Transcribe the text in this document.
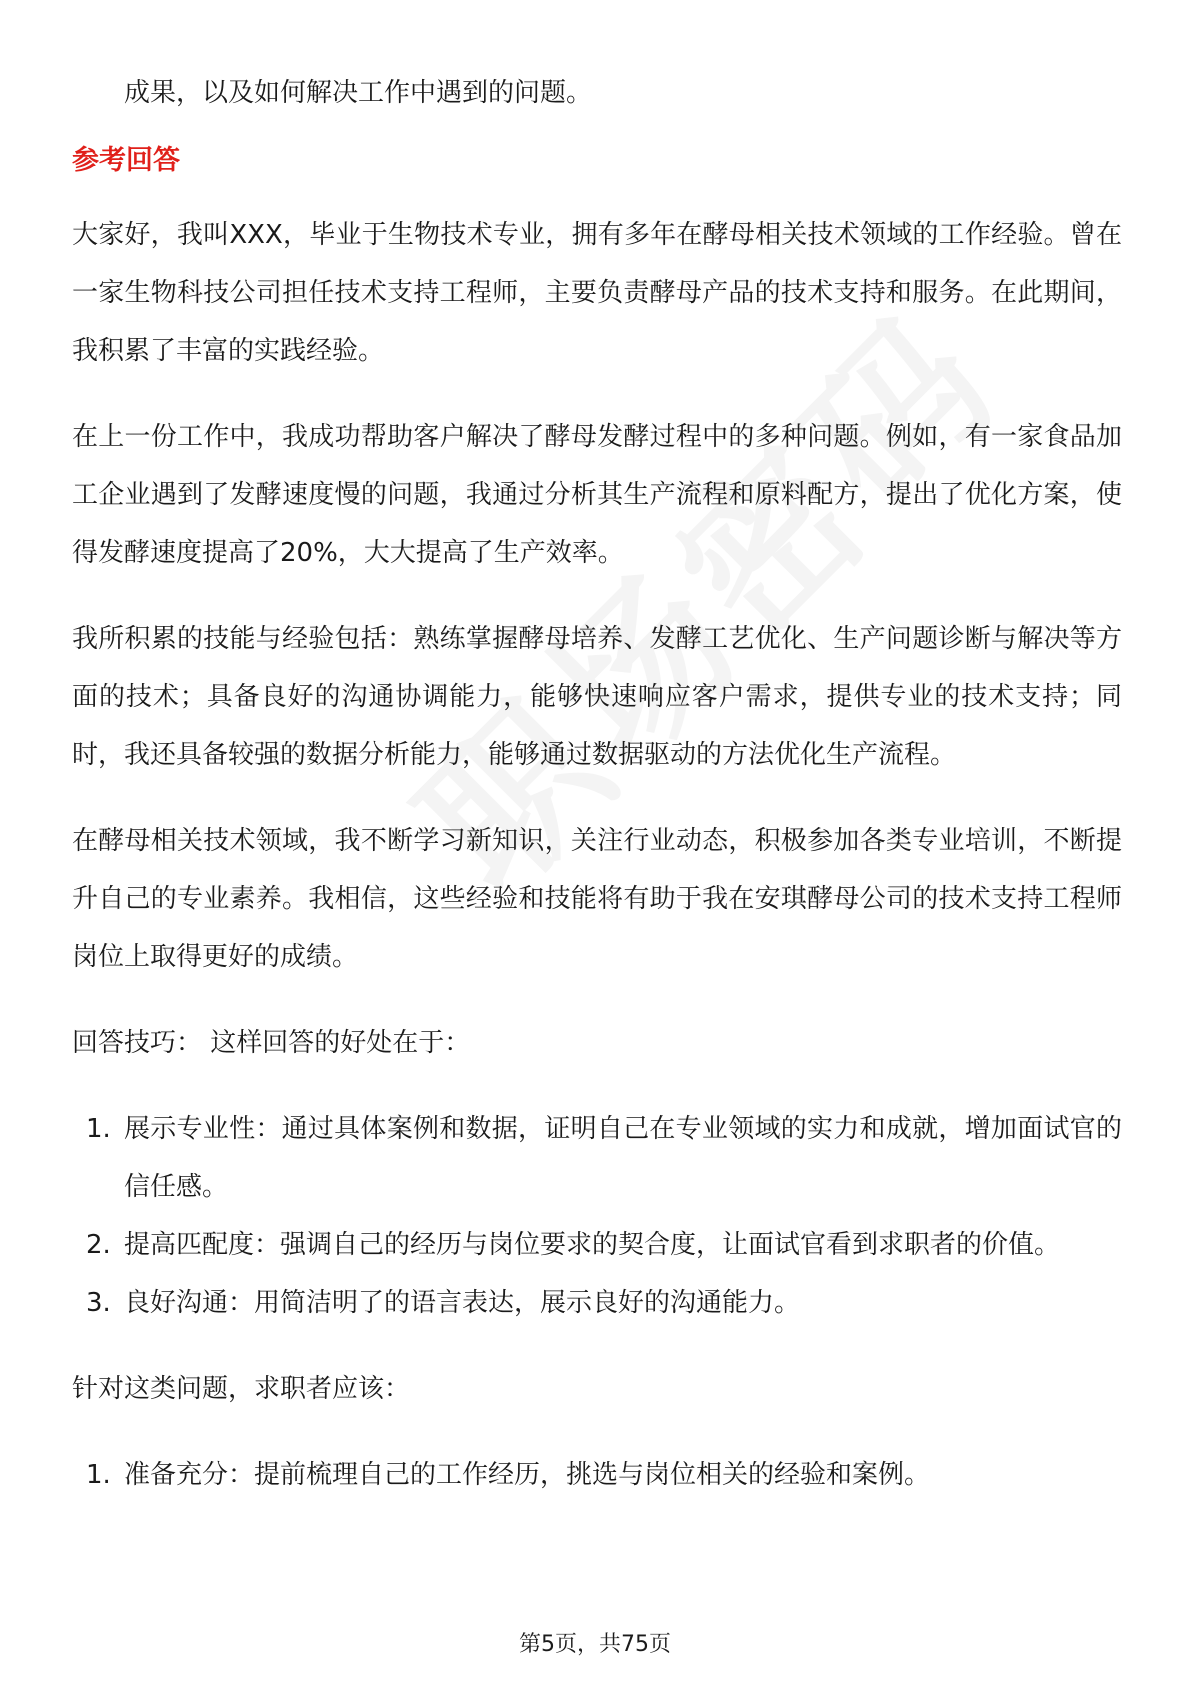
成果，以及如何解决工作中遇到的问题。

参考回答

大家好，我叫XXX，毕业于生物技术专业，拥有多年在酵母相关技术领域的工作经验。曾在一家生物科技公司担任技术支持工程师，主要负责酵母产品的技术支持和服务。在此期间，我积累了丰富的实践经验。

在上一份工作中，我成功帮助客户解决了酵母发酵过程中的多种问题。例如，有一家食品加工企业遇到了发酵速度慢的问题，我通过分析其生产流程和原料配方，提出了优化方案，使得发酵速度提高了20%，大大提高了生产效率。

我所积累的技能与经验包括：熟练掌握酵母培养、发酵工艺优化、生产问题诊断与解决等方面的技术；具备良好的沟通协调能力，能够快速响应客户需求，提供专业的技术支持；同时，我还具备较强的数据分析能力，能够通过数据驱动的方法优化生产流程。

在酵母相关技术领域，我不断学习新知识，关注行业动态，积极参加各类专业培训，不断提升自己的专业素养。我相信，这些经验和技能将有助于我在安琪酵母公司的技术支持工程师岗位上取得更好的成绩。

回答技巧： 这样回答的好处在于：

1. 展示专业性：通过具体案例和数据，证明自己在专业领域的实力和成就，增加面试官的信任感。
2. 提高匹配度：强调自己的经历与岗位要求的契合度，让面试官看到求职者的价值。
3. 良好沟通：用简洁明了的语言表达，展示良好的沟通能力。

针对这类问题，求职者应该：

1. 准备充分：提前梳理自己的工作经历，挑选与岗位相关的经验和案例。
第5页，共75页
